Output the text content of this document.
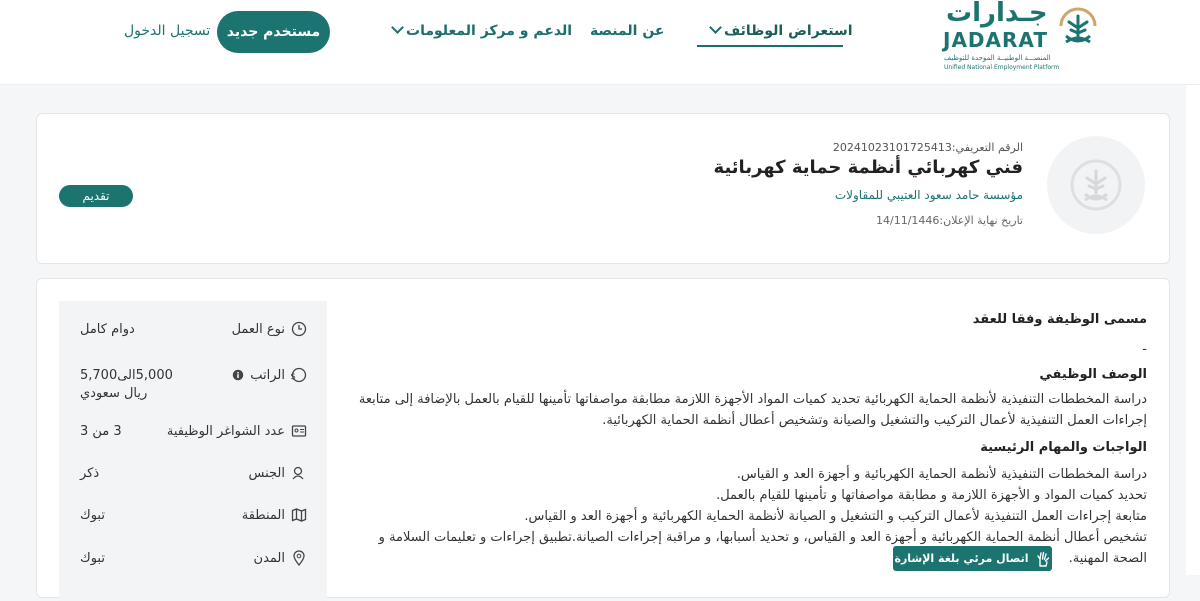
جـدارات
JADARAT
المنصـــة الوطنيــة الموحدة للتوظيف
Unified National Employment Platform
استعراض الوظائف
عن المنصة
الدعم و مركز المعلومات
مستخدم جديد
تسجيل الدخول
الرقم التعريفي:20241023101725413
فني كهربائي أنظمة حماية كهربائية
مؤسسة حامد سعود العتيبي للمقاولات
تاريخ نهاية الإعلان:14/11/1446
تقديم
نوع العمل
دوام كامل
$
الراتب
5,000الى5,700 ريال سعودي
عدد الشواغر الوظيفية
3 من 3
الجنس
ذكر
المنطقة
تبوك
المدن
تبوك
مسمى الوظيفة وفقا للعقد
-
الوصف الوظيفي
دراسة المخططات التنفيذية لأنظمة الحماية الكهربائية تحديد كميات المواد الأجهزة اللازمة مطابقة مواصفاتها تأمينها للقيام بالعمل بالإضافة إلى متابعة إجراءات العمل التنفيذية لأعمال التركيب والتشغيل والصيانة وتشخيص أعطال أنظمة الحماية الكهربائية.
الواجبات والمهام الرئيسية
دراسة المخططات التنفيذية لأنظمة الحماية الكهربائية و أجهزة العد و القياس.
تحديد كميات المواد و الأجهزة اللازمة و مطابقة مواصفاتها و تأمينها للقيام بالعمل.
متابعة إجراءات العمل التنفيذية لأعمال التركيب و التشغيل و الصيانة لأنظمة الحماية الكهربائية و أجهزة العد و القياس.
تشخيص أعطال أنظمة الحماية الكهربائية و أجهزة العد و القياس، و تحديد أسبابها، و مراقبة إجراءات الصيانة.تطبيق إجراءات و تعليمات السلامة و الصحة المهنية.
اتصال مرئي بلغة الإشارة
